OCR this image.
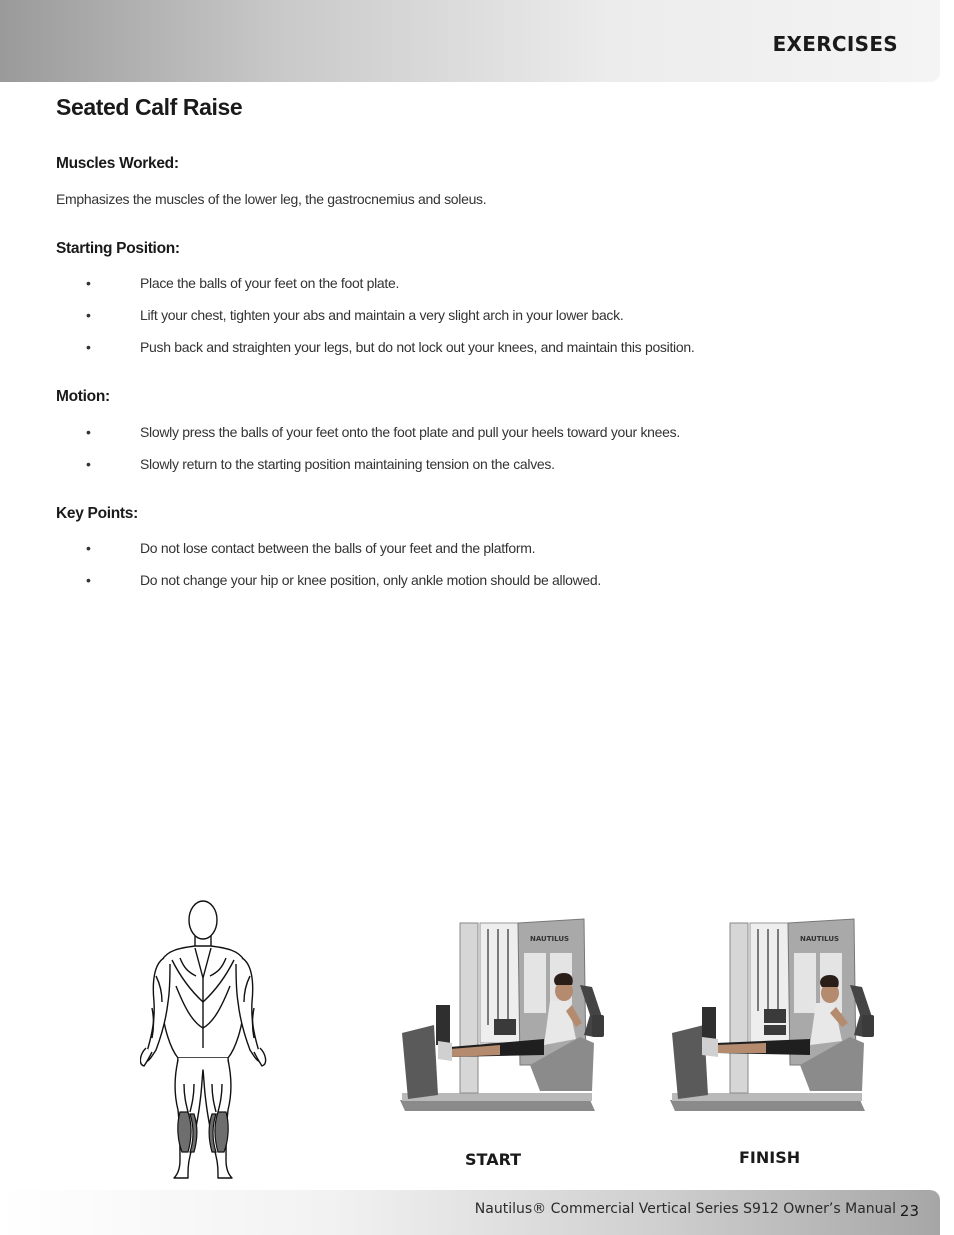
EXERCISES
Seated Calf Raise
Muscles Worked:

Emphasizes the muscles of the lower leg, the gastrocnemius and soleus.

Starting Position:
•	Place the balls of your feet on the foot plate.
•	Lift your chest, tighten your abs and maintain a very slight arch in your lower back.
•	Push back and straighten your legs, but do not lock out your knees, and maintain this position.
Motion:
•	Slowly press the balls of your feet onto the foot plate and pull your heels toward your knees.
•	Slowly return to the starting position maintaining tension on the calves.
Key Points:
•	Do not lose contact between the balls of your feet and the platform.
•	Do not change your hip or knee position, only ankle motion should be allowed.
NAUTILUS	NAUTILUS
START	FINISH
Nautilus® Commercial Vertical Series S912 Owner’s Manual 23
